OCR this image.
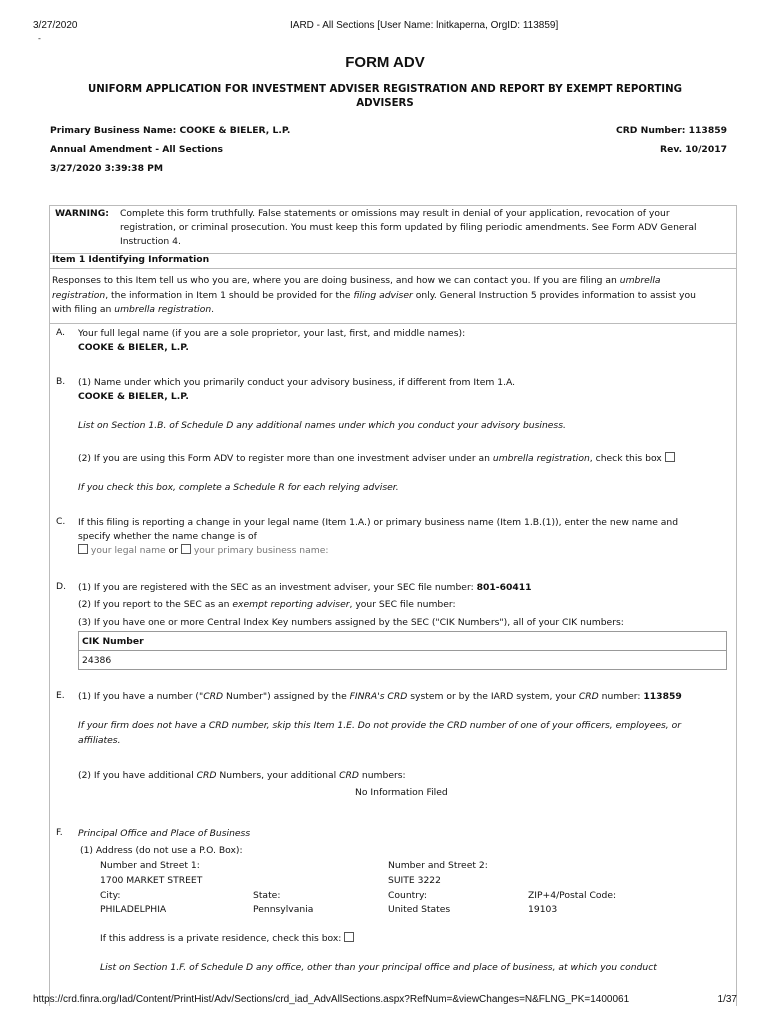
3/27/2020	IARD - All Sections [User Name: lnitkaperna, OrgID: 113859]
-
FORM ADV
UNIFORM APPLICATION FOR INVESTMENT ADVISER REGISTRATION AND REPORT BY EXEMPT REPORTING
ADVISERS
Primary Business Name: COOKE & BIELER, L.P.	CRD Number: 113859
Annual Amendment - All Sections	Rev. 10/2017
3/27/2020 3:39:38 PM
WARNING: Complete this form truthfully. False statements or omissions may result in denial of your application, revocation of your
registration, or criminal prosecution. You must keep this form updated by filing periodic amendments. See Form ADV General
Instruction 4.
Item 1 Identifying Information
Responses to this Item tell us who you are, where you are doing business, and how we can contact you. If you are filing an umbrella
registration, the information in Item 1 should be provided for the filing adviser only. General Instruction 5 provides information to assist you
with filing an umbrella registration.
A. Your full legal name (if you are a sole proprietor, your last, first, and middle names):
COOKE & BIELER, L.P.
B. (1) Name under which you primarily conduct your advisory business, if different from Item 1.A.
COOKE & BIELER, L.P.
List on Section 1.B. of Schedule D any additional names under which you conduct your advisory business.
(2) If you are using this Form ADV to register more than one investment adviser under an umbrella registration, check this box
If you check this box, complete a Schedule R for each relying adviser.
C. If this filing is reporting a change in your legal name (Item 1.A.) or primary business name (Item 1.B.(1)), enter the new name and
specify whether the name change is of
your legal name or your primary business name:
D. (1) If you are registered with the SEC as an investment adviser, your SEC file number: 801-60411
(2) If you report to the SEC as an exempt reporting adviser, your SEC file number:
(3) If you have one or more Central Index Key numbers assigned by the SEC ("CIK Numbers"), all of your CIK numbers:
CIK Number
24386
E. (1) If you have a number ("CRD Number") assigned by the FINRA's CRD system or by the IARD system, your CRD number: 113859
If your firm does not have a CRD number, skip this Item 1.E. Do not provide the CRD number of one of your officers, employees, or
affiliates.
(2) If you have additional CRD Numbers, your additional CRD numbers:
No Information Filed
F. Principal Office and Place of Business
(1) Address (do not use a P.O. Box):
Number and Street 1:
1700 MARKET STREET
Number and Street 2:
SUITE 3222
City:
PHILADELPHIA
State:
Pennsylvania
Country:
United States
ZIP+4/Postal Code:
19103
If this address is a private residence, check this box:
List on Section 1.F. of Schedule D any office, other than your principal office and place of business, at which you conduct
https://crd.finra.org/Iad/Content/PrintHist/Adv/Sections/crd_iad_AdvAllSections.aspx?RefNum=&viewChanges=N&FLNG_PK=1400061	1/37
